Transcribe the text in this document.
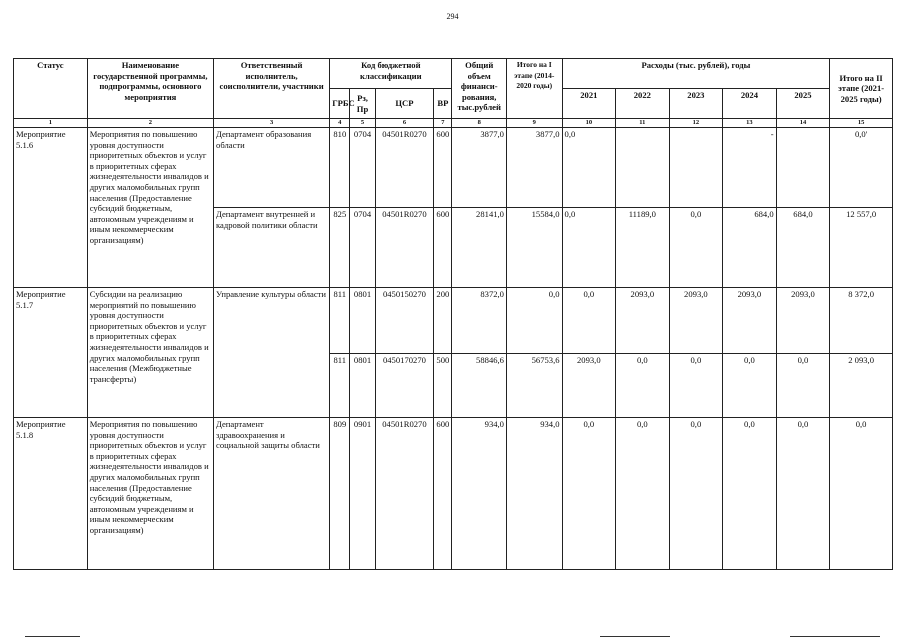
294
Статус	Наименование государственной программы, подпрограммы, основного мероприятия	Ответственный исполнитель, соисполнители, участники	Код бюджетной классификации				Общий объем финанси-рования, тыс.рублей	Итого на I этапе (2014-2020 годы)	Расходы (тыс. рублей), годы					Итого на II этапе (2021-2025 годы)
			ГРБС	Рз, Пр	ЦСР	ВР			2021	2022	2023	2024	2025	
1	2	3	4	5	6	7	8	9	10	11	12	13	14	15
Мероприятие 5.1.6	Мероприятия по повышению уровня доступности приоритетных объектов и услуг в приоритетных сферах жизнедеятельности инвалидов и других маломобильных групп населения (Предоставление субсидий бюджетным, автономным учреждениям и иным некоммерческим организациям)	Департамент образования области	810	0704	04501R0270	600	3877,0	3877,0	0,0			-		0,0'
		Департамент внутренней и кадровой политики области	825	0704	04501R0270	600	28141,0	15584,0	0,0	11189,0	0,0	684,0	684,0	12 557,0
Мероприятие 5.1.7	Субсидии на реализацию мероприятий по повышению уровня доступности приоритетных объектов и услуг в приоритетных сферах жизнедеятельности инвалидов и других маломобильных групп населения (Межбюджетные трансферты)	Управление культуры области	811	0801	0450150270	200	8372,0	0,0	0,0	2093,0	2093,0	2093,0	2093,0	8 372,0
			811	0801	0450170270	500	58846,6	56753,6	2093,0	0,0	0,0	0,0	0,0	2 093,0
Мероприятие 5.1.8	Мероприятия по повышению уровня доступности приоритетных объектов и услуг в приоритетных сферах жизнедеятельности инвалидов и других маломобильных групп населения (Предоставление субсидий бюджетным, автономным учреждениям и иным некоммерческим организациям)	Департамент здравоохранения и социальной защиты области	809	0901	04501R0270	600	934,0	934,0	0,0	0,0	0,0	0,0	0,0	0,0
